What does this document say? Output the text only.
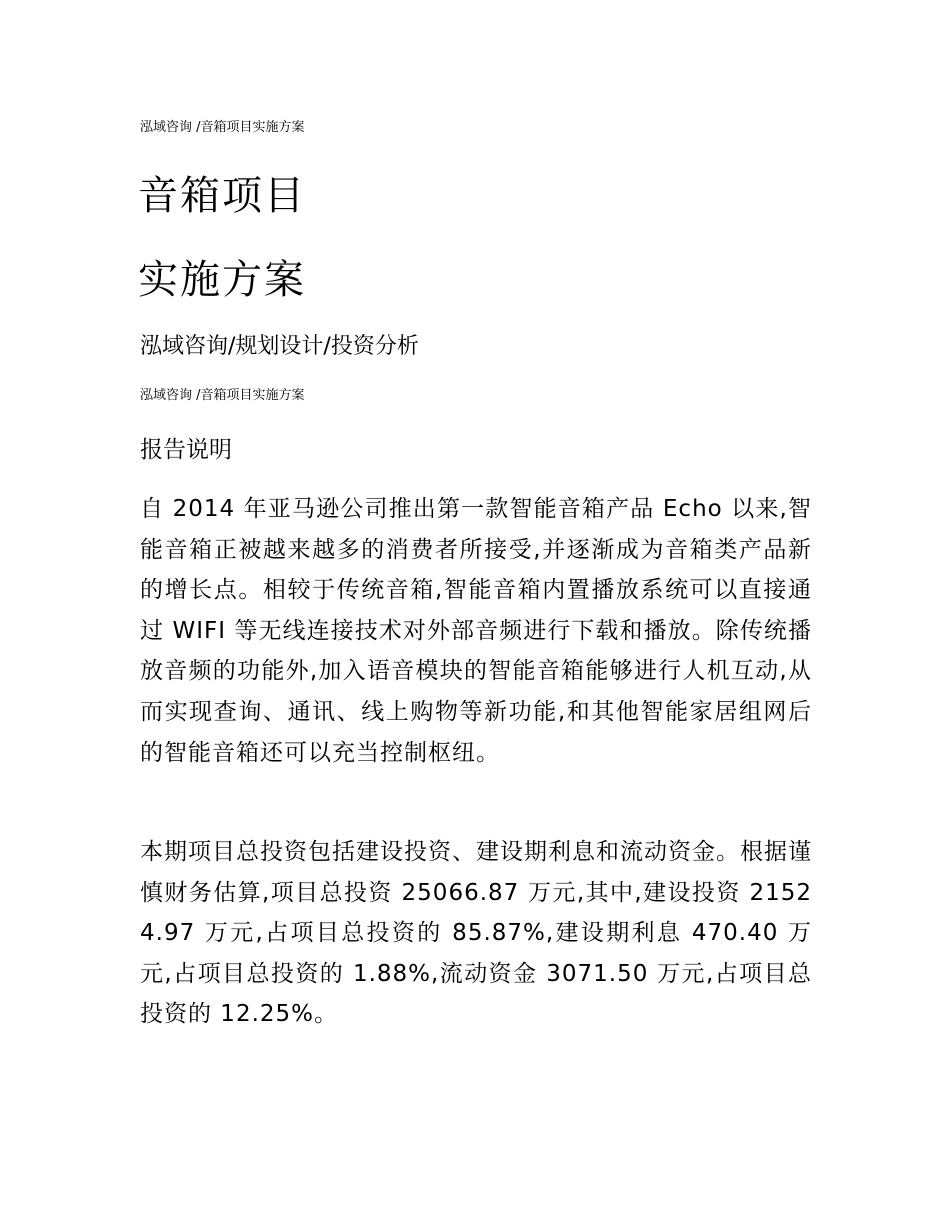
泓域咨询 /音箱项目实施方案
音箱项目
实施方案
泓域咨询/规划设计/投资分析
泓域咨询 /音箱项目实施方案
报告说明
自 2014 年亚马逊公司推出第一款智能音箱产品 Echo 以来,智能音箱正被越来越多的消费者所接受,并逐渐成为音箱类产品新的增长点。相较于传统音箱,智能音箱内置播放系统可以直接通过 WIFI 等无线连接技术对外部音频进行下载和播放。除传统播放音频的功能外,加入语音模块的智能音箱能够进行人机互动,从而实现查询、通讯、线上购物等新功能,和其他智能家居组网后的智能音箱还可以充当控制枢纽。
本期项目总投资包括建设投资、建设期利息和流动资金。根据谨慎财务估算,项目总投资 25066.87 万元,其中,建设投资 21524.97 万元,占项目总投资的 85.87%,建设期利息 470.40 万元,占项目总投资的 1.88%,流动资金 3071.50 万元,占项目总投资的 12.25%。
